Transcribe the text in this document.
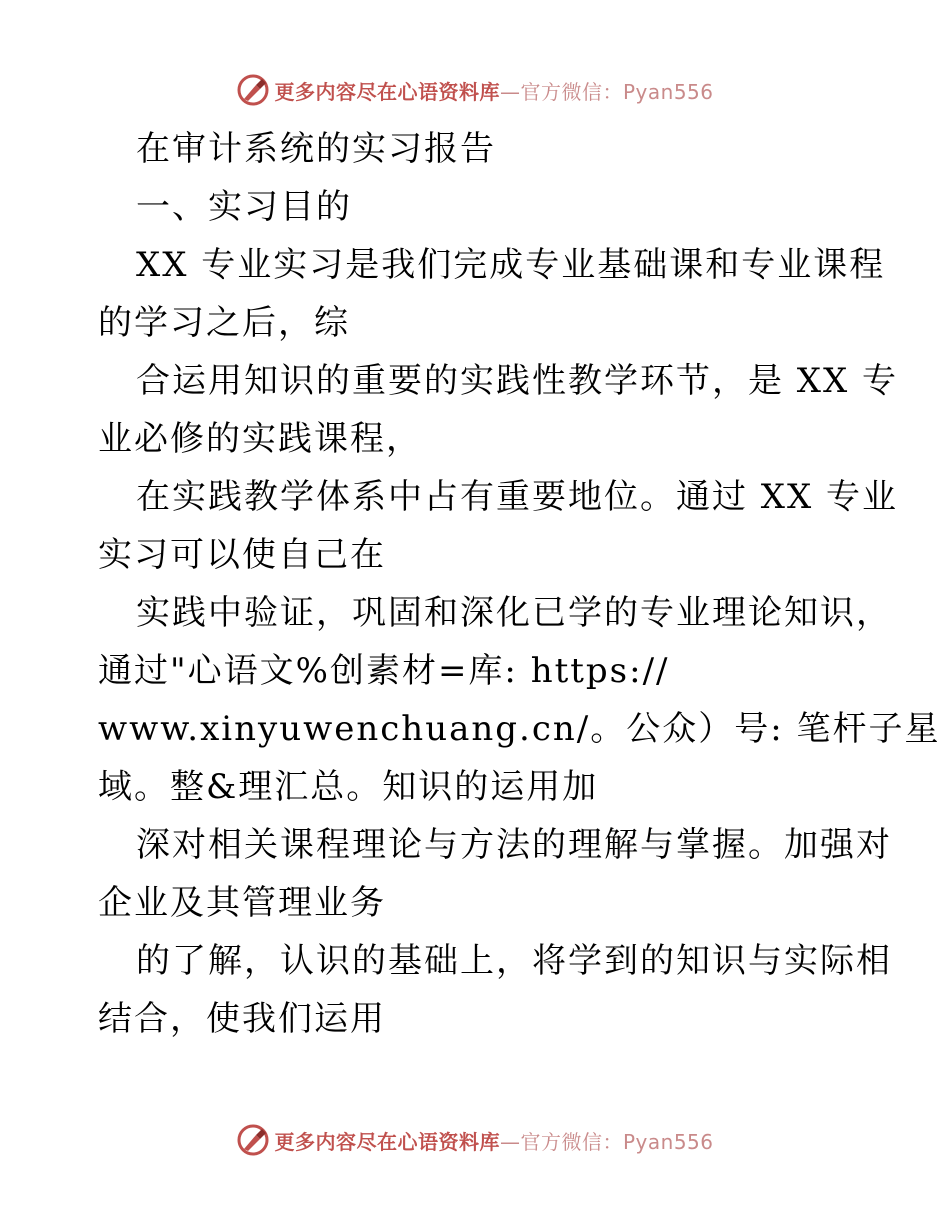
更多内容尽在心语资料库—官方微信：Pyan556
在审计系统的实习报告
一、实习目的
XX 专业实习是我们完成专业基础课和专业课程
的学习之后，综
合运用知识的重要的实践性教学环节，是 XX 专
业必修的实践课程，
在实践教学体系中占有重要地位。通过 XX 专业
实习可以使自己在
实践中验证，巩固和深化已学的专业理论知识，
通过"心语文%创素材=库: https://
www.xinyuwenchuang.cn/。公众）号: 笔杆子星
域。整&理汇总。知识的运用加
深对相关课程理论与方法的理解与掌握。加强对
企业及其管理业务
的了解，认识的基础上，将学到的知识与实际相
结合，使我们运用
更多内容尽在心语资料库—官方微信：Pyan556
